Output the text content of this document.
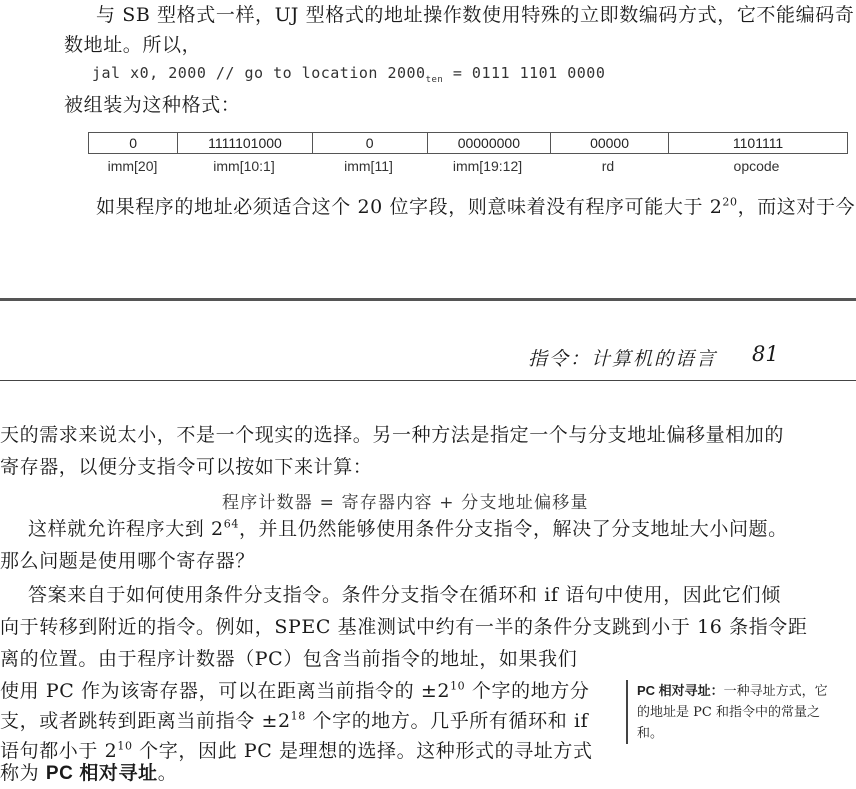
与 SB 型格式一样，UJ 型格式的地址操作数使用特殊的立即数编码方式，它不能编码奇
数地址。所以，
jal x0, 2000 // go to location $2000_{ten} = 0111$ 1101 0000
被组装为这种格式：
0	1111101000	0	00000000	00000	1101111
imm[20]	imm[10:1]	imm[11]	imm[19:12]	rd	opcode
如果程序的地址必须适合这个 20 位字段，则意味着没有程序可能大于 $2^{20}$，而这对于今
指令：计算机的语言 81
天的需求来说太小，不是一个现实的选择。另一种方法是指定一个与分支地址偏移量相加的
寄存器，以便分支指令可以按如下来计算：
程序计数器 = 寄存器内容 + 分支地址偏移量
这样就允许程序大到 $2^{64}$，并且仍然能够使用条件分支指令，解决了分支地址大小问题。
那么问题是使用哪个寄存器？
答案来自于如何使用条件分支指令。条件分支指令在循环和 if 语句中使用，因此它们倾
向于转移到附近的指令。例如，SPEC 基准测试中约有一半的条件分支跳到小于 16 条指令距
离的位置。由于程序计数器（PC）包含当前指令的地址，如果我们
使用 PC 作为该寄存器，可以在距离当前指令的 $\pm 2^{10}$ 个字的地方分
支，或者跳转到距离当前指令 $\pm 2^{18}$ 个字的地方。几乎所有循环和 if
语句都小于 $2^{10}$ 个字，因此 PC 是理想的选择。这种形式的寻址方式
称为 PC 相对寻址。
PC 相对寻址：一种寻址方式，它的地址是 PC 和指令中的常量之和。
